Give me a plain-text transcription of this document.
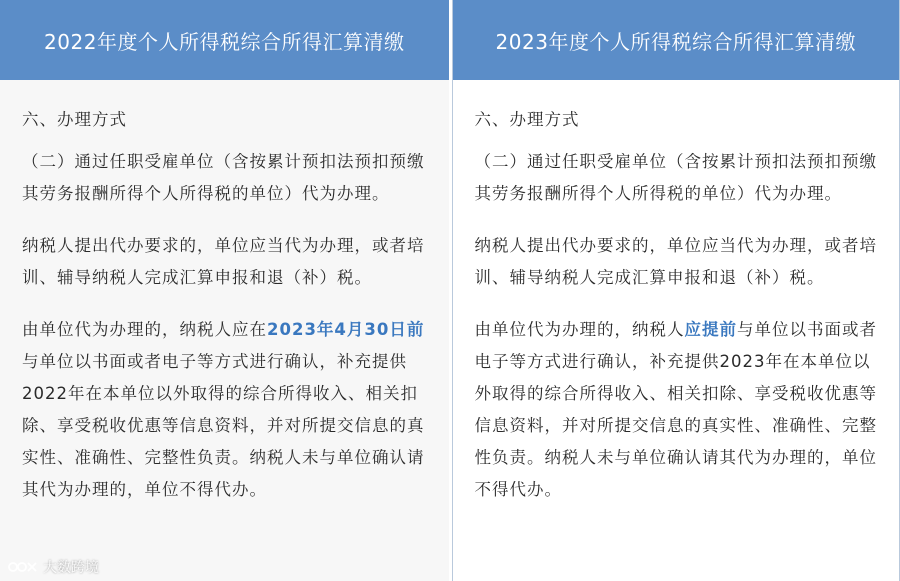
2022年度个人所得税综合所得汇算清缴

六、办理方式

（二）通过任职受雇单位（含按累计预扣法预扣预缴其劳务报酬所得个人所得税的单位）代为办理。

纳税人提出代办要求的，单位应当代为办理，或者培训、辅导纳税人完成汇算申报和退（补）税。

由单位代为办理的，纳税人应在2023年4月30日前与单位以书面或者电子等方式进行确认，补充提供2022年在本单位以外取得的综合所得收入、相关扣除、享受税收优惠等信息资料，并对所提交信息的真实性、准确性、完整性负责。纳税人未与单位确认请其代为办理的，单位不得代办。

2023年度个人所得税综合所得汇算清缴

六、办理方式

（二）通过任职受雇单位（含按累计预扣法预扣预缴其劳务报酬所得个人所得税的单位）代为办理。

纳税人提出代办要求的，单位应当代为办理，或者培训、辅导纳税人完成汇算申报和退（补）税。

由单位代为办理的，纳税人应提前与单位以书面或者电子等方式进行确认，补充提供2023年在本单位以外取得的综合所得收入、相关扣除、享受税收优惠等信息资料，并对所提交信息的真实性、准确性、完整性负责。纳税人未与单位确认请其代为办理的，单位不得代办。

大数跨境
